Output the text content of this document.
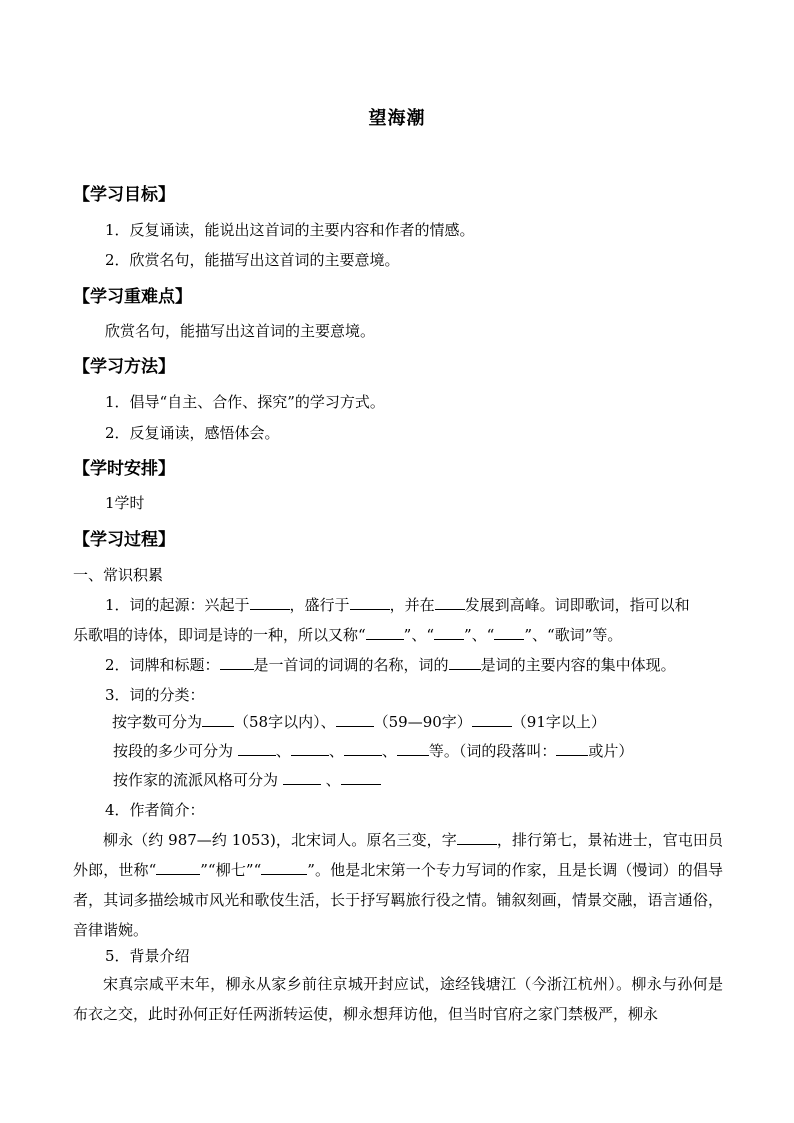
望海潮
【学习目标】
1．反复诵读，能说出这首词的主要内容和作者的情感。
2．欣赏名句，能描写出这首词的主要意境。
【学习重难点】
欣赏名句，能描写出这首词的主要意境。
【学习方法】
1．倡导“自主、合作、探究”的学习方式。
2．反复诵读，感悟体会。
【学时安排】
1学时
【学习过程】
一、常识积累
1．词的起源：兴起于	，盛行于	，并在 发展到高峰。词即歌词，指可以和
乐歌唱的诗体，即词是诗的一种，所以又称“	”、“ ”、“ ”、“歌词”等。
2．词牌和标题： 是一首词的词调的名称，词的 是词的主要内容的集中体现。
3．词的分类：
按字数可分为 （58字以内）、	（59—90字）	（91字以上）
按段的多少可分为	、	、	、 等。（词的段落叫： 或片）
按作家的流派风格可分为	、
4．作者简介：
柳永（约 987—约 1053)，北宋词人。原名三变，字	，排行第七，景祐进士，官屯田员外郎，世称“	”“柳七”“	”。他是北宋第一个专力写词的作家，且是长调（慢词）的倡导者，其词多描绘城市风光和歌伎生活，长于抒写羁旅行役之情。铺叙刻画，情景交融，语言通俗，音律谐婉。
5．背景介绍
宋真宗咸平末年，柳永从家乡前往京城开封应试，途经钱塘江（今浙江杭州）。柳永与孙何是布衣之交，此时孙何正好任两浙转运使，柳永想拜访他，但当时官府之家门禁极严，柳永
